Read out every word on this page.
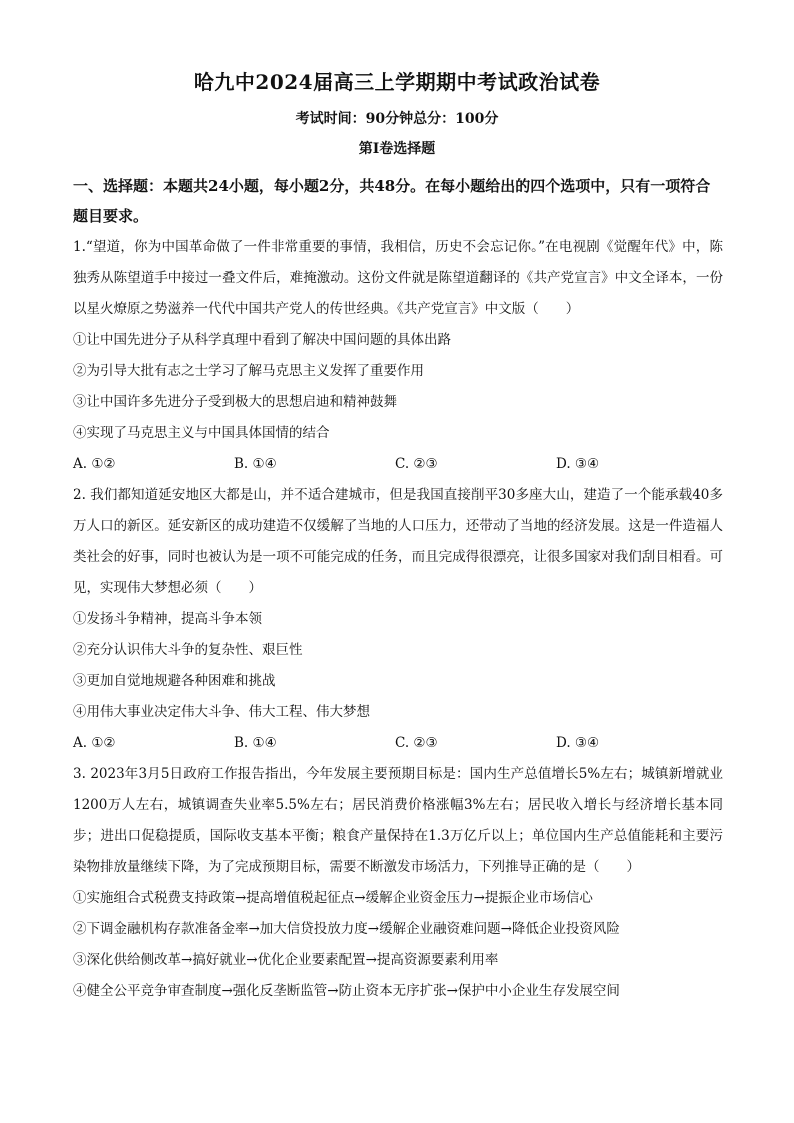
哈九中2024届高三上学期期中考试政治试卷
考试时间：90分钟总分：100分
第Ⅰ卷选择题
一、选择题：本题共24小题，每小题2分，共48分。在每小题给出的四个选项中，只有一项符合题目要求。
1.“望道，你为中国革命做了一件非常重要的事情，我相信，历史不会忘记你。”在电视剧《觉醒年代》中，陈独秀从陈望道手中接过一叠文件后，难掩激动。这份文件就是陈望道翻译的《共产党宣言》中文全译本，一份以星火燎原之势滋养一代代中国共产党人的传世经典。《共产党宣言》中文版（　　）
①让中国先进分子从科学真理中看到了解决中国问题的具体出路
②为引导大批有志之士学习了解马克思主义发挥了重要作用
③让中国许多先进分子受到极大的思想启迪和精神鼓舞
④实现了马克思主义与中国具体国情的结合
A. ①②	B. ①④	C. ②③	D. ③④
2. 我们都知道延安地区大都是山，并不适合建城市，但是我国直接削平30多座大山，建造了一个能承载40多万人口的新区。延安新区的成功建造不仅缓解了当地的人口压力，还带动了当地的经济发展。这是一件造福人类社会的好事，同时也被认为是一项不可能完成的任务，而且完成得很漂亮，让很多国家对我们刮目相看。可见，实现伟大梦想必须（　　）
①发扬斗争精神，提高斗争本领
②充分认识伟大斗争的复杂性、艰巨性
③更加自觉地规避各种困难和挑战
④用伟大事业决定伟大斗争、伟大工程、伟大梦想
A. ①②	B. ①④	C. ②③	D. ③④
3. 2023年3月5日政府工作报告指出，今年发展主要预期目标是：国内生产总值增长5%左右；城镇新增就业1200万人左右，城镇调查失业率5.5%左右；居民消费价格涨幅3%左右；居民收入增长与经济增长基本同步；进出口促稳提质，国际收支基本平衡；粮食产量保持在1.3万亿斤以上；单位国内生产总值能耗和主要污染物排放量继续下降，为了完成预期目标，需要不断激发市场活力，下列推导正确的是（　　）
①实施组合式税费支持政策→提高增值税起征点→缓解企业资金压力→提振企业市场信心
②下调金融机构存款准备金率→加大信贷投放力度→缓解企业融资难问题→降低企业投资风险
③深化供给侧改革→搞好就业→优化企业要素配置→提高资源要素利用率
④健全公平竞争审查制度→强化反垄断监管→防止资本无序扩张→保护中小企业生存发展空间
